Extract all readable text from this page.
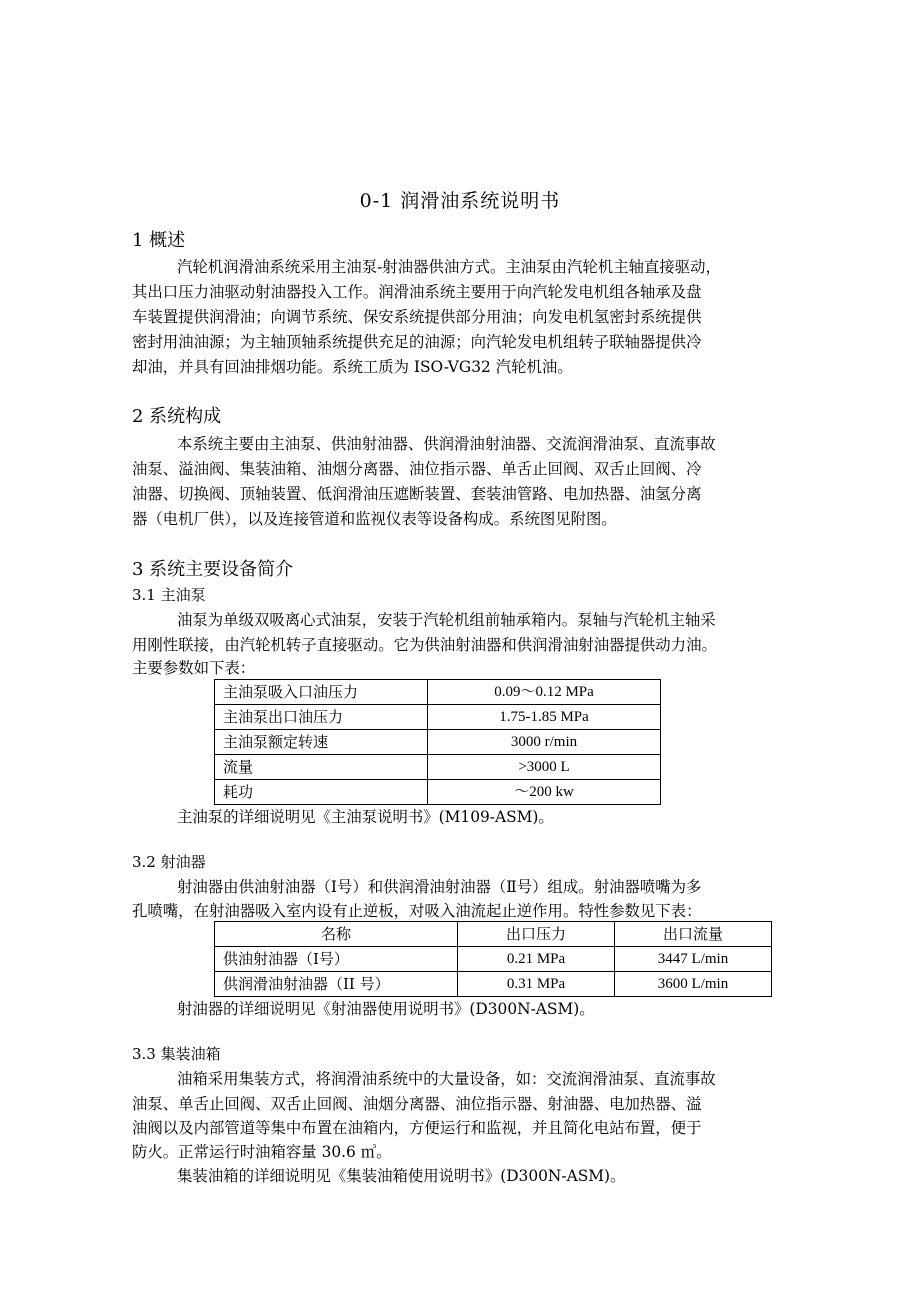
0-1 润滑油系统说明书
1 概述
汽轮机润滑油系统采用主油泵-射油器供油方式。主油泵由汽轮机主轴直接驱动，
其出口压力油驱动射油器投入工作。润滑油系统主要用于向汽轮发电机组各轴承及盘
车装置提供润滑油；向调节系统、保安系统提供部分用油；向发电机氢密封系统提供
密封用油油源；为主轴顶轴系统提供充足的油源；向汽轮发电机组转子联轴器提供冷
却油，并具有回油排烟功能。系统工质为 ISO-VG32 汽轮机油。
2 系统构成
本系统主要由主油泵、供油射油器、供润滑油射油器、交流润滑油泵、直流事故
油泵、溢油阀、集装油箱、油烟分离器、油位指示器、单舌止回阀、双舌止回阀、冷
油器、切换阀、顶轴装置、低润滑油压遮断装置、套装油管路、电加热器、油氢分离
器（电机厂供），以及连接管道和监视仪表等设备构成。系统图见附图。
3 系统主要设备简介
3.1 主油泵
油泵为单级双吸离心式油泵，安装于汽轮机组前轴承箱内。泵轴与汽轮机主轴采
用刚性联接，由汽轮机转子直接驱动。它为供油射油器和供润滑油射油器提供动力油。
主要参数如下表：
主油泵吸入口油压力	0.09～0.12 MPa
主油泵出口油压力	1.75-1.85 MPa
主油泵额定转速	3000 r/min
流量	>3000 L
耗功	～200 kw
主油泵的详细说明见《主油泵说明书》(M109-ASM)。
3.2 射油器
射油器由供油射油器（Ⅰ号）和供润滑油射油器（Ⅱ号）组成。射油器喷嘴为多
孔喷嘴，在射油器吸入室内设有止逆板，对吸入油流起止逆作用。特性参数见下表：
名称	出口压力	出口流量
供油射油器（Ⅰ号）	0.21 MPa	3447 L/min
供润滑油射油器（II 号）	0.31 MPa	3600 L/min
射油器的详细说明见《射油器使用说明书》(D300N-ASM)。
3.3 集装油箱
油箱采用集装方式，将润滑油系统中的大量设备，如：交流润滑油泵、直流事故
油泵、单舌止回阀、双舌止回阀、油烟分离器、油位指示器、射油器、电加热器、溢
油阀以及内部管道等集中布置在油箱内，方便运行和监视，并且简化电站布置，便于
防火。正常运行时油箱容量 30.6 ㎥。
集装油箱的详细说明见《集装油箱使用说明书》(D300N-ASM)。
